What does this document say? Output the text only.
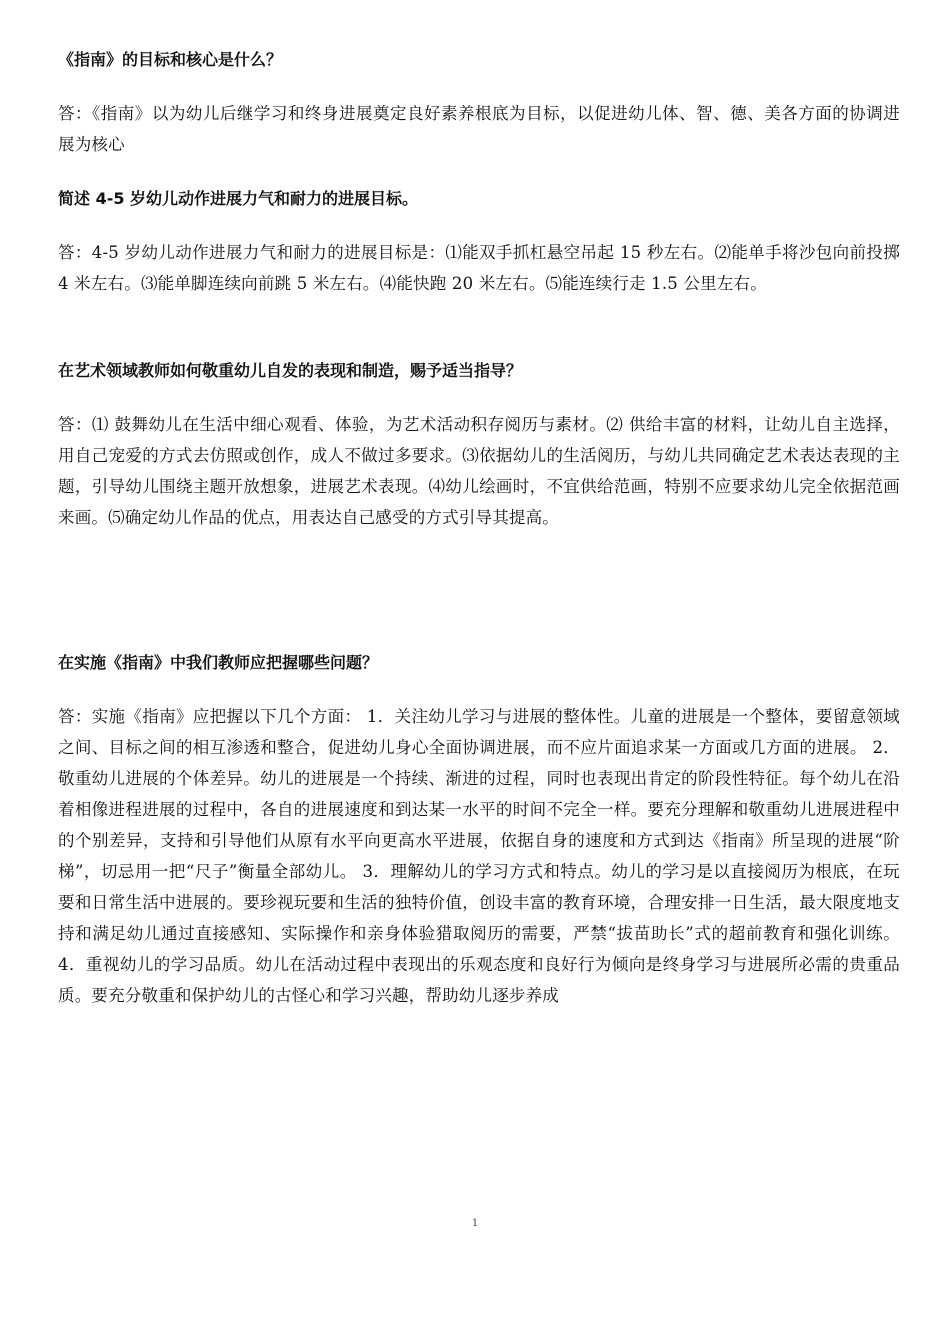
《指南》的目标和核心是什么？

答：《指南》以为幼儿后继学习和终身进展奠定良好素养根底为目标，以促进幼儿体、智、德、美各方面的协调进展为核心

简述 4-5 岁幼儿动作进展力气和耐力的进展目标。

答：4-5 岁幼儿动作进展力气和耐力的进展目标是：⑴能双手抓杠悬空吊起 15 秒左右。⑵能单手将沙包向前投掷 4 米左右。⑶能单脚连续向前跳 5 米左右。⑷能快跑 20 米左右。⑸能连续行走 1.5 公里左右。

在艺术领域教师如何敬重幼儿自发的表现和制造，赐予适当指导？

答：⑴ 鼓舞幼儿在生活中细心观看、体验，为艺术活动积存阅历与素材。⑵ 供给丰富的材料，让幼儿自主选择，用自己宠爱的方式去仿照或创作，成人不做过多要求。⑶依据幼儿的生活阅历，与幼儿共同确定艺术表达表现的主题，引导幼儿围绕主题开放想象，进展艺术表现。⑷幼儿绘画时，不宜供给范画，特别不应要求幼儿完全依据范画来画。⑸确定幼儿作品的优点，用表达自己感受的方式引导其提高。

在实施《指南》中我们教师应把握哪些问题？

答：实施《指南》应把握以下几个方面： 1．关注幼儿学习与进展的整体性。儿童的进展是一个整体，要留意领域之间、目标之间的相互渗透和整合，促进幼儿身心全面协调进展，而不应片面追求某一方面或几方面的进展。 2．敬重幼儿进展的个体差异。幼儿的进展是一个持续、渐进的过程，同时也表现出肯定的阶段性特征。每个幼儿在沿着相像进程进展的过程中，各自的进展速度和到达某一水平的时间不完全一样。要充分理解和敬重幼儿进展进程中的个别差异，支持和引导他们从原有水平向更高水平进展，依据自身的速度和方式到达《指南》所呈现的进展“阶梯”，切忌用一把“尺子”衡量全部幼儿。 3．理解幼儿的学习方式和特点。幼儿的学习是以直接阅历为根底，在玩要和日常生活中进展的。要珍视玩要和生活的独特价值，创设丰富的教育环境，合理安排一日生活，最大限度地支持和满足幼儿通过直接感知、实际操作和亲身体验猎取阅历的需要，严禁“拔苗助长”式的超前教育和强化训练。 4．重视幼儿的学习品质。幼儿在活动过程中表现出的乐观态度和良好行为倾向是终身学习与进展所必需的贵重品质。要充分敬重和保护幼儿的古怪心和学习兴趣，帮助幼儿逐步养成

1
